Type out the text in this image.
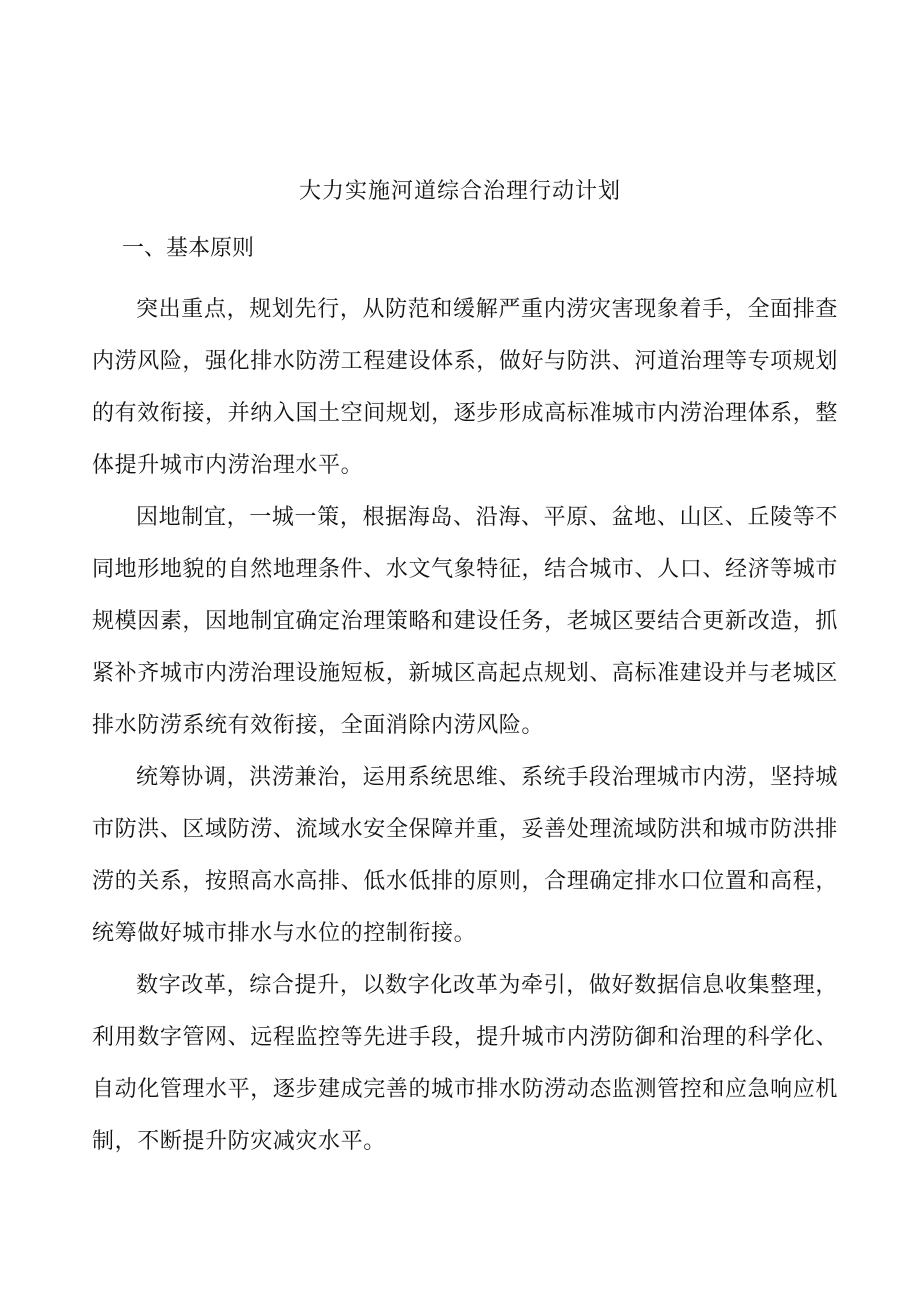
大力实施河道综合治理行动计划
一、基本原则

突出重点，规划先行，从防范和缓解严重内涝灾害现象着手，全面排查内涝风险，强化排水防涝工程建设体系，做好与防洪、河道治理等专项规划的有效衔接，并纳入国土空间规划，逐步形成高标准城市内涝治理体系，整体提升城市内涝治理水平。

因地制宜，一城一策，根据海岛、沿海、平原、盆地、山区、丘陵等不同地形地貌的自然地理条件、水文气象特征，结合城市、人口、经济等城市规模因素，因地制宜确定治理策略和建设任务，老城区要结合更新改造，抓紧补齐城市内涝治理设施短板，新城区高起点规划、高标准建设并与老城区排水防涝系统有效衔接，全面消除内涝风险。

统筹协调，洪涝兼治，运用系统思维、系统手段治理城市内涝，坚持城市防洪、区域防涝、流域水安全保障并重，妥善处理流域防洪和城市防洪排涝的关系，按照高水高排、低水低排的原则，合理确定排水口位置和高程，统筹做好城市排水与水位的控制衔接。

数字改革，综合提升，以数字化改革为牵引，做好数据信息收集整理，利用数字管网、远程监控等先进手段，提升城市内涝防御和治理的科学化、自动化管理水平，逐步建成完善的城市排水防涝动态监测管控和应急响应机制，不断提升防灾减灾水平。
